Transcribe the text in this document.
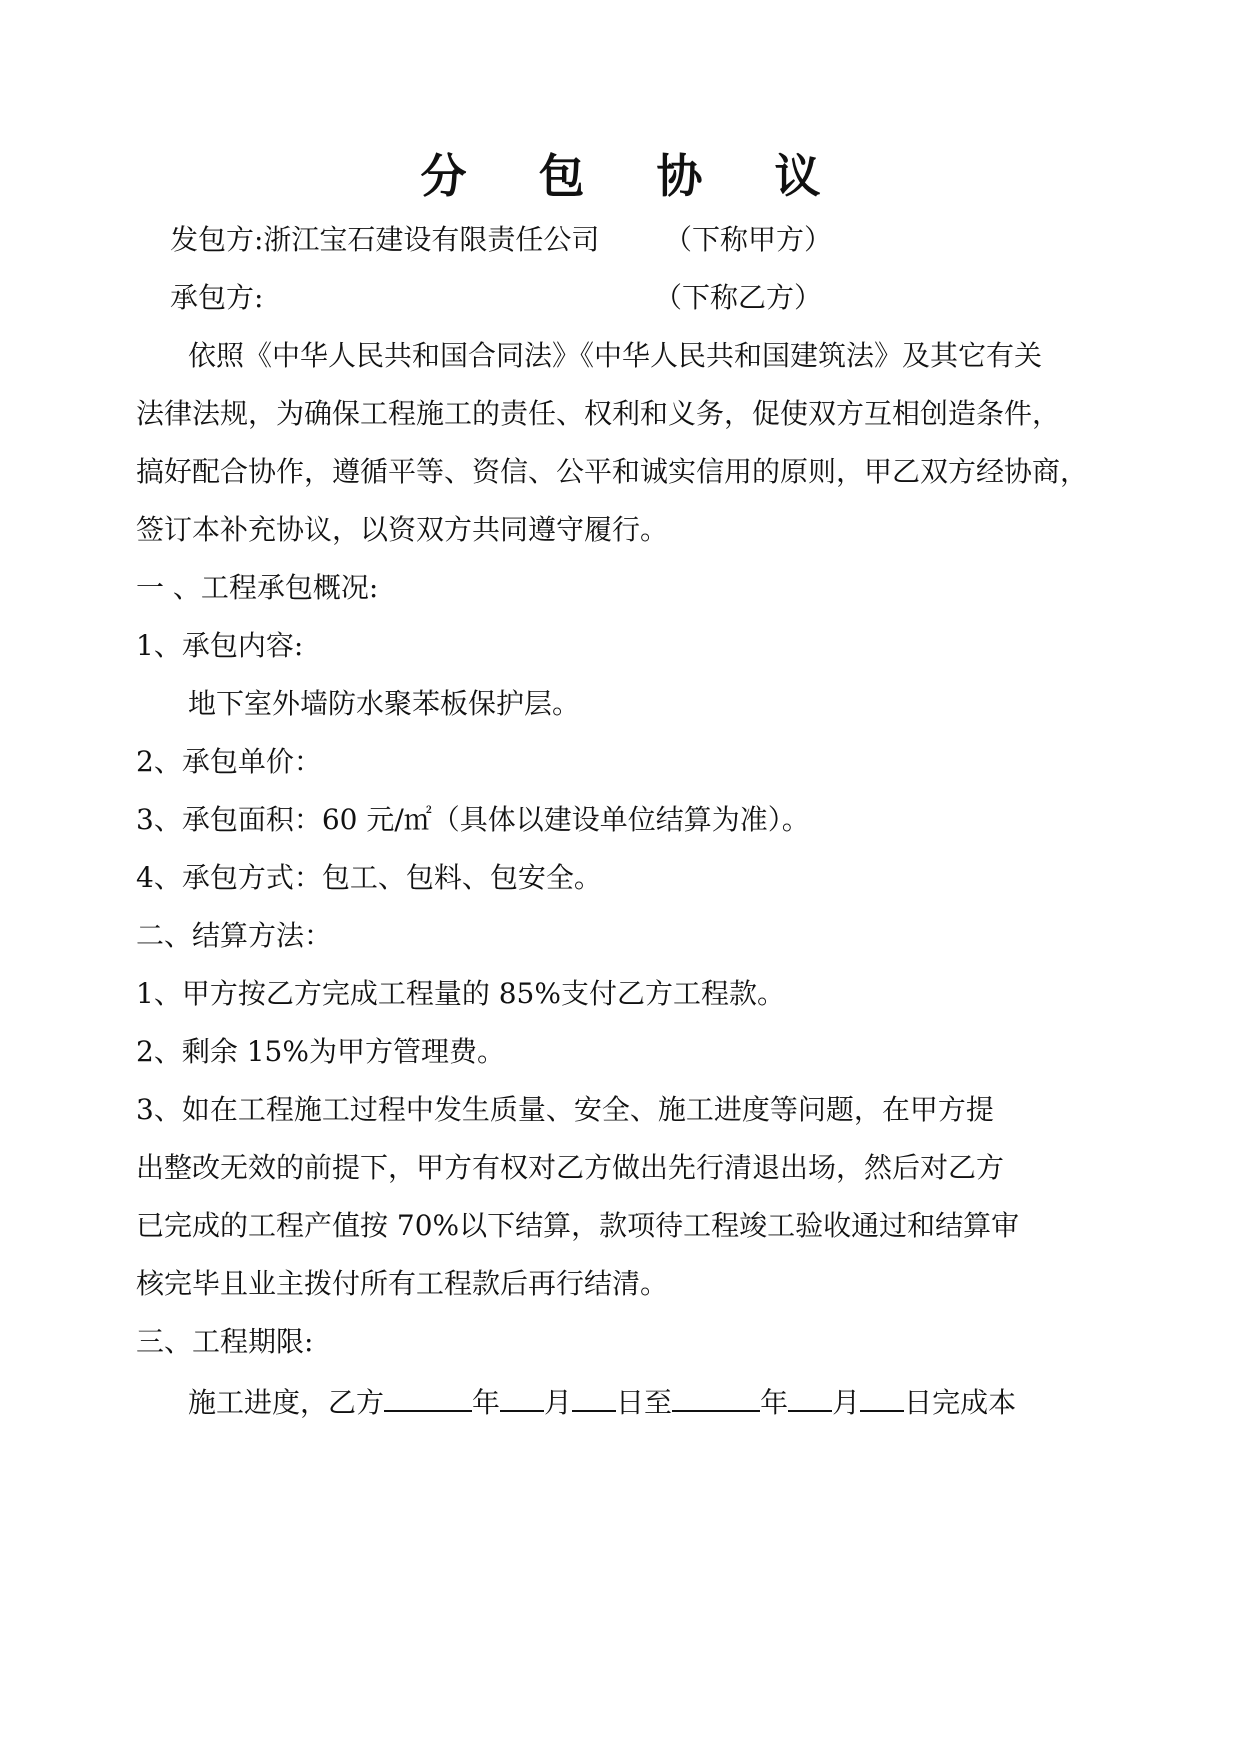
分 包 协 议
发包方:浙江宝石建设有限责任公司 （下称甲方）
承包方:	（下称乙方）
依照《中华人民共和国合同法》《中华人民共和国建筑法》及其它有关
法律法规，为确保工程施工的责任、权利和义务，促使双方互相创造条件，
搞好配合协作，遵循平等、资信、公平和诚实信用的原则，甲乙双方经协商，
签订本补充协议，以资双方共同遵守履行。
一 、工程承包概况:
1、承包内容:
地下室外墙防水聚苯板保护层。
2、承包单价：
3、承包面积：60 元/㎡（具体以建设单位结算为准）。
4、承包方式：包工、包料、包安全。
二、结算方法：
1、甲方按乙方完成工程量的 85%支付乙方工程款。
2、剩余 15%为甲方管理费。
3、如在工程施工过程中发生质量、安全、施工进度等问题，在甲方提
出整改无效的前提下，甲方有权对乙方做出先行清退出场，然后对乙方
已完成的工程产值按 70%以下结算，款项待工程竣工验收通过和结算审
核完毕且业主拨付所有工程款后再行结清。
三、工程期限:
施工进度，乙方	年 月 日至	年 月 日完成本
